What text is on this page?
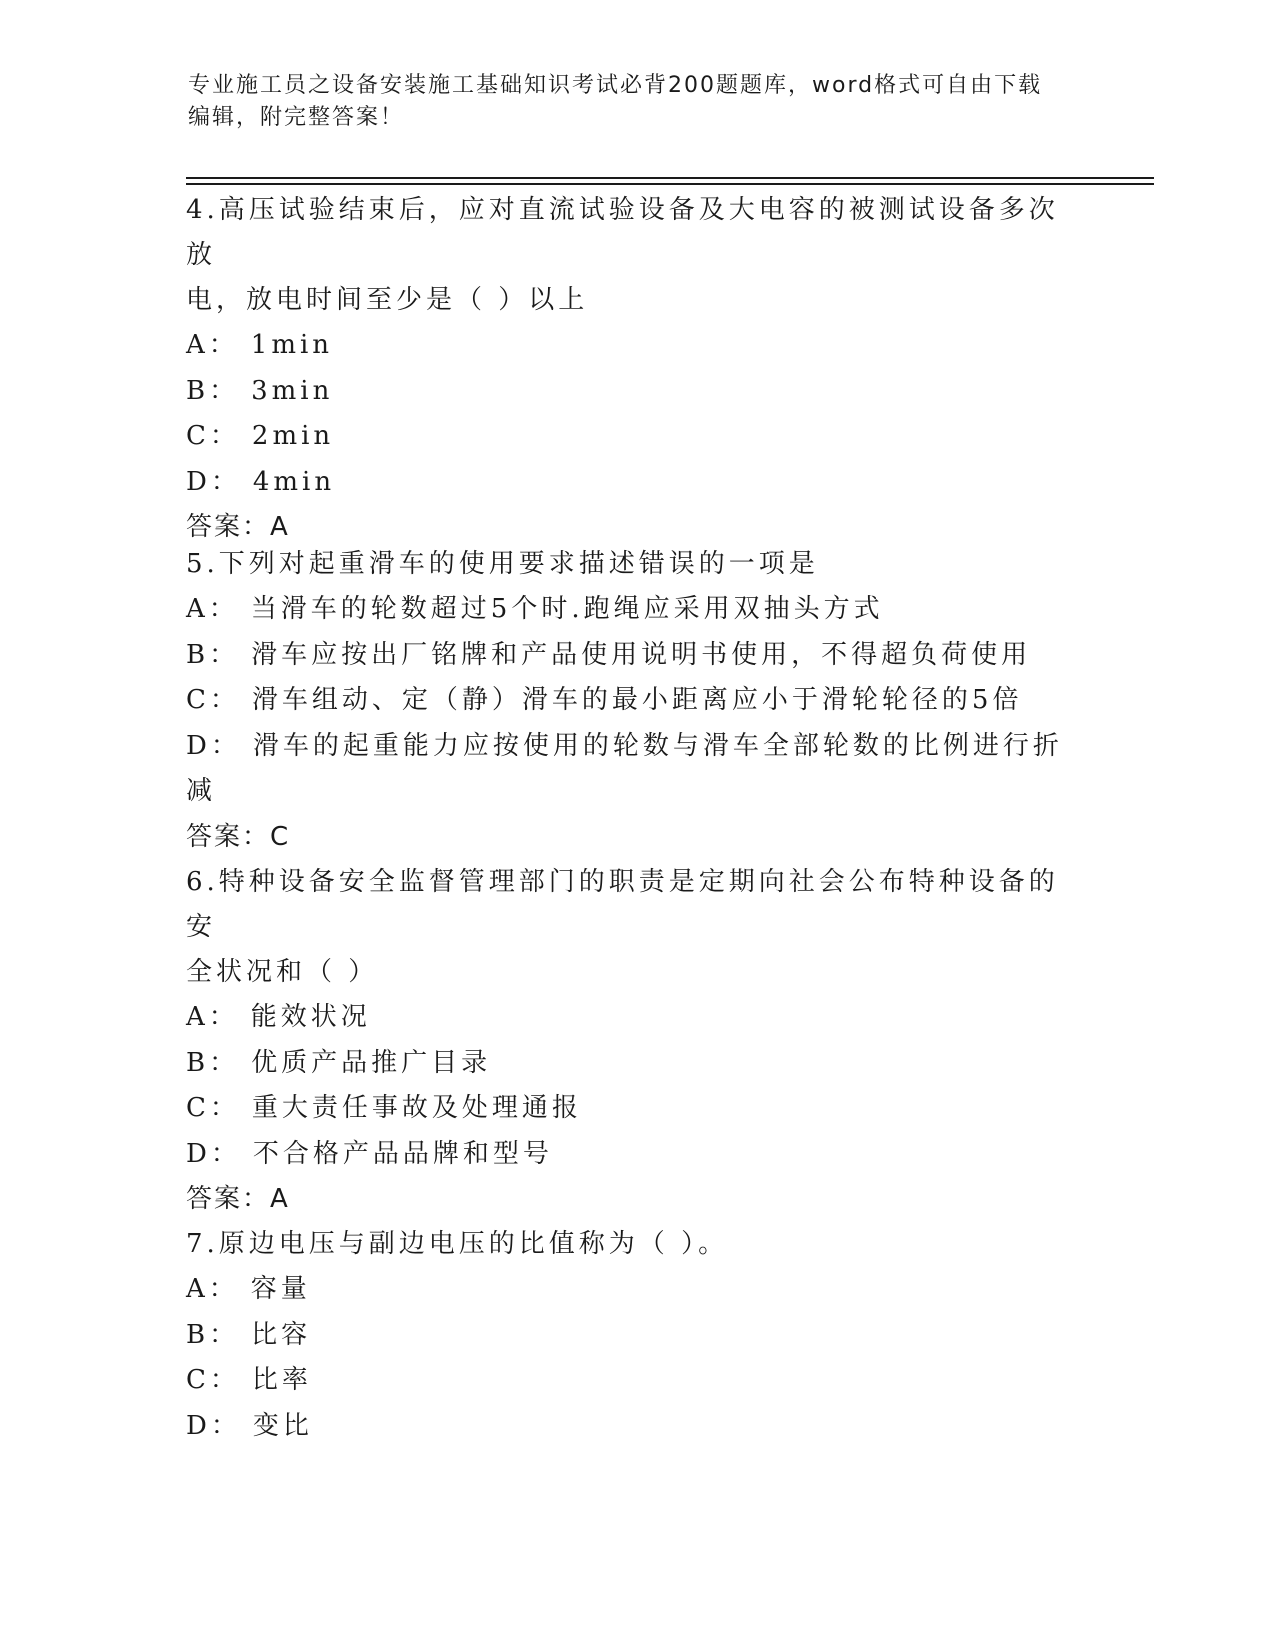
专业施工员之设备安装施工基础知识考试必背200题题库，word格式可自由下载
编辑，附完整答案！

4.高压试验结束后，应对直流试验设备及大电容的被测试设备多次放

电，放电时间至少是（ ）以上

A： 1min

B： 3min

C： 2min

D： 4min

答案：A

5.下列对起重滑车的使用要求描述错误的一项是

A： 当滑车的轮数超过5个时.跑绳应采用双抽头方式

B： 滑车应按出厂铭牌和产品使用说明书使用，不得超负荷使用

C： 滑车组动、定（静）滑车的最小距离应小于滑轮轮径的5倍

D： 滑车的起重能力应按使用的轮数与滑车全部轮数的比例进行折减

答案：C

6.特种设备安全监督管理部门的职责是定期向社会公布特种设备的安

全状况和（ ）

A： 能效状况

B： 优质产品推广目录

C： 重大责任事故及处理通报

D： 不合格产品品牌和型号

答案：A

7.原边电压与副边电压的比值称为（ ）。

A： 容量

B： 比容

C： 比率

D： 变比
